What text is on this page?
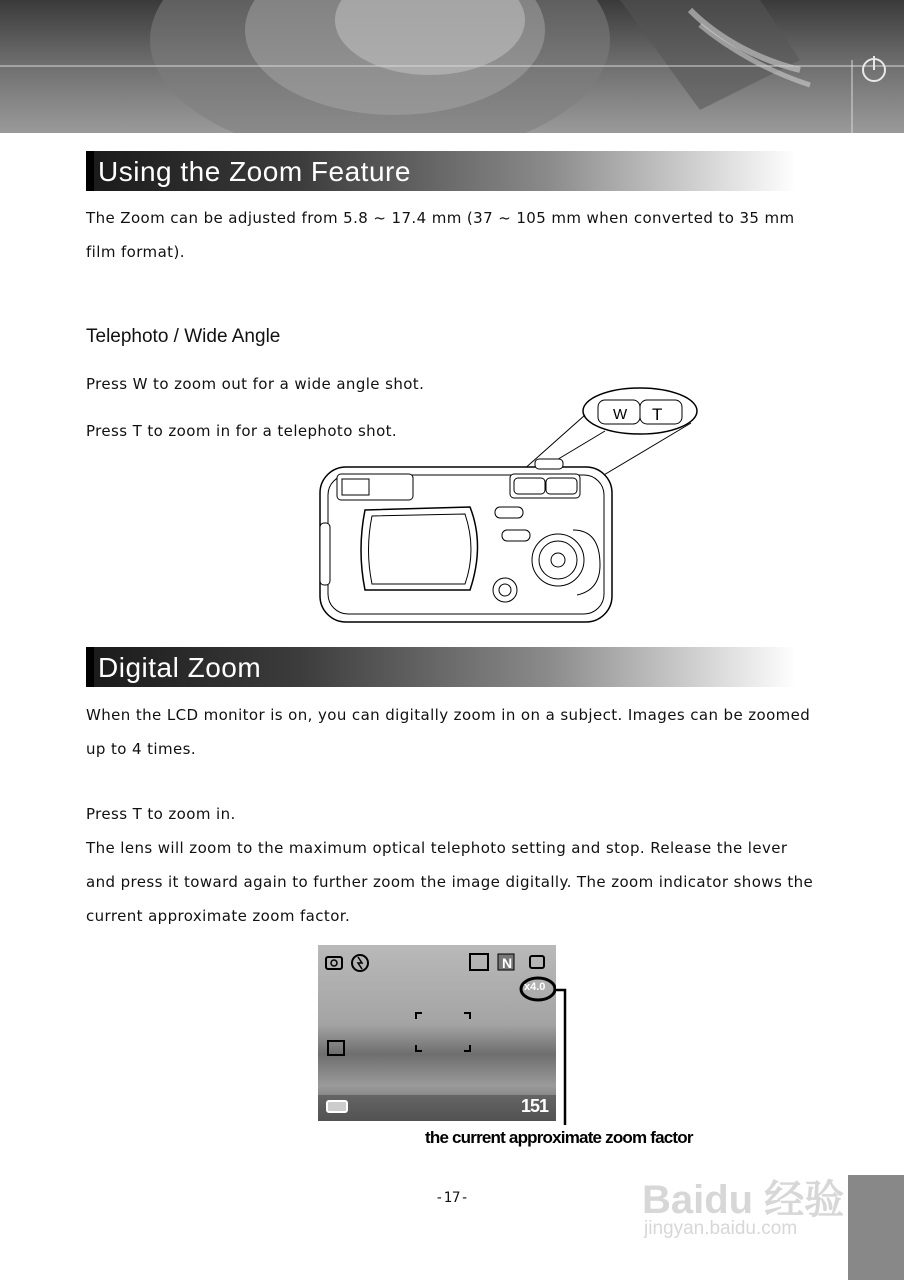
Using the Zoom Feature

The Zoom can be adjusted from 5.8 ~ 17.4 mm (37 ~ 105 mm when converted to 35 mm film format).

Telephoto / Wide Angle

Press W to zoom out for a wide angle shot.

Press T to zoom in for a telephoto shot.

W T
Digital Zoom

When the LCD monitor is on, you can digitally zoom in on a subject. Images can be zoomed up to 4 times.

Press T to zoom in.

The lens will zoom to the maximum optical telephoto setting and stop. Release the lever and press it toward again to further zoom the image digitally. The zoom indicator shows the current approximate zoom factor.

N
x4.0
151
the current approximate zoom factor
-17-	Baidu 经验
jingyan.baidu.com
